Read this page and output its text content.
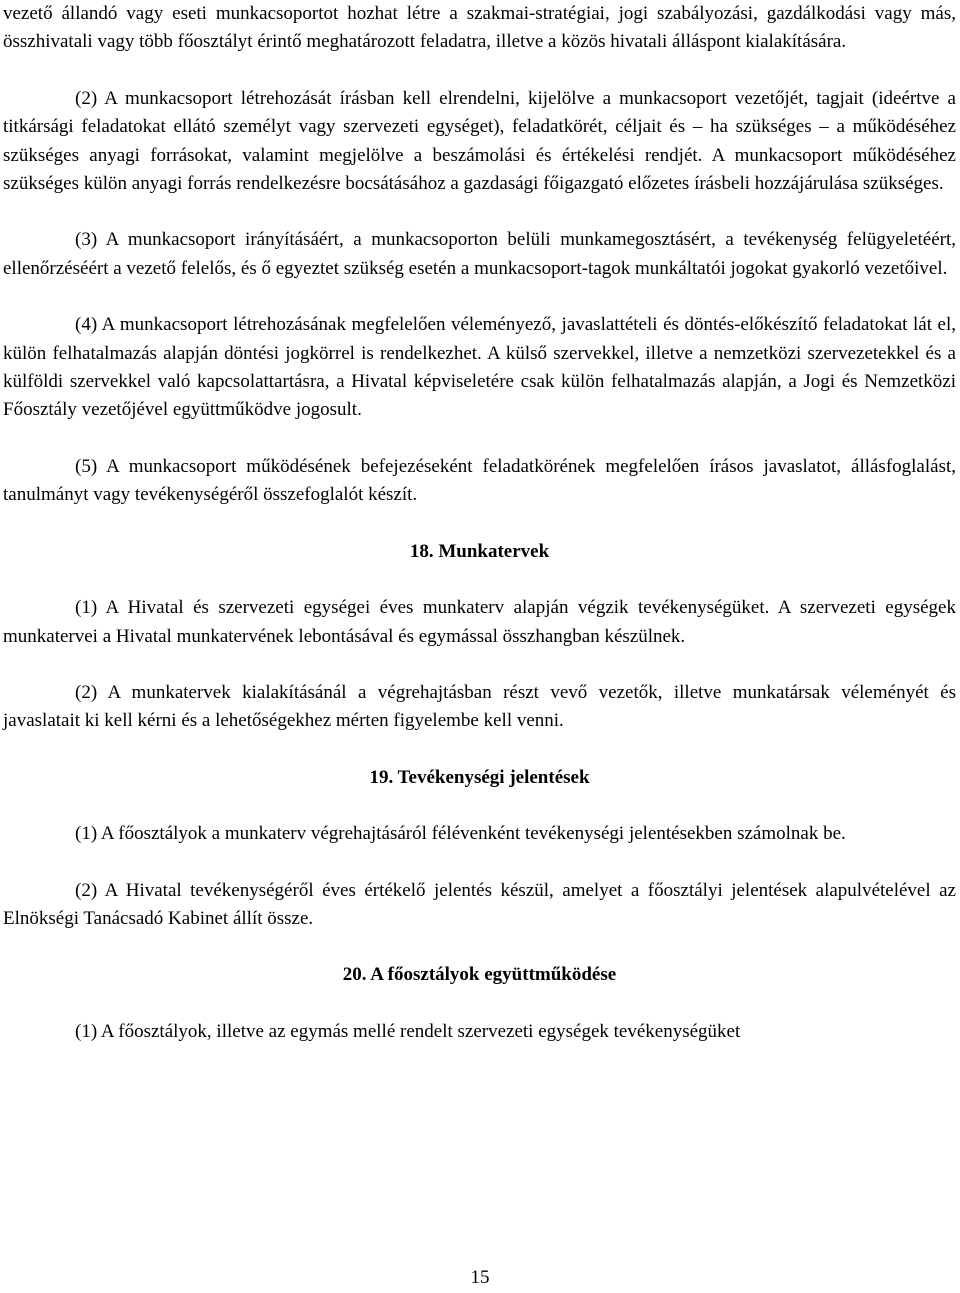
vezető állandó vagy eseti munkacsoportot hozhat létre a szakmai-stratégiai, jogi szabályozási, gazdálkodási vagy más, összhivatali vagy több főosztályt érintő meghatározott feladatra, illetve a közös hivatali álláspont kialakítására.

(2) A munkacsoport létrehozását írásban kell elrendelni, kijelölve a munkacsoport vezetőjét, tagjait (ideértve a titkársági feladatokat ellátó személyt vagy szervezeti egységet), feladatkörét, céljait és – ha szükséges – a működéséhez szükséges anyagi forrásokat, valamint megjelölve a beszámolási és értékelési rendjét. A munkacsoport működéséhez szükséges külön anyagi forrás rendelkezésre bocsátásához a gazdasági főigazgató előzetes írásbeli hozzájárulása szükséges.

(3) A munkacsoport irányításáért, a munkacsoporton belüli munkamegosztásért, a tevékenység felügyeletéért, ellenőrzéséért a vezető felelős, és ő egyeztet szükség esetén a munkacsoport-tagok munkáltatói jogokat gyakorló vezetőivel.

(4) A munkacsoport létrehozásának megfelelően véleményező, javaslattételi és döntés-előkészítő feladatokat lát el, külön felhatalmazás alapján döntési jogkörrel is rendelkezhet. A külső szervekkel, illetve a nemzetközi szervezetekkel és a külföldi szervekkel való kapcsolattartásra, a Hivatal képviseletére csak külön felhatalmazás alapján, a Jogi és Nemzetközi Főosztály vezetőjével együttműködve jogosult.

(5) A munkacsoport működésének befejezéseként feladatkörének megfelelően írásos javaslatot, állásfoglalást, tanulmányt vagy tevékenységéről összefoglalót készít.

18. Munkatervek

(1) A Hivatal és szervezeti egységei éves munkaterv alapján végzik tevékenységüket. A szervezeti egységek munkatervei a Hivatal munkatervének lebontásával és egymással összhangban készülnek.

(2) A munkatervek kialakításánál a végrehajtásban részt vevő vezetők, illetve munkatársak véleményét és javaslatait ki kell kérni és a lehetőségekhez mérten figyelembe kell venni.

19. Tevékenységi jelentések

(1) A főosztályok a munkaterv végrehajtásáról félévenként tevékenységi jelentésekben számolnak be.

(2) A Hivatal tevékenységéről éves értékelő jelentés készül, amelyet a főosztályi jelentések alapulvételével az Elnökségi Tanácsadó Kabinet állít össze.

20. A főosztályok együttműködése

(1) A főosztályok, illetve az egymás mellé rendelt szervezeti egységek tevékenységüket

15
